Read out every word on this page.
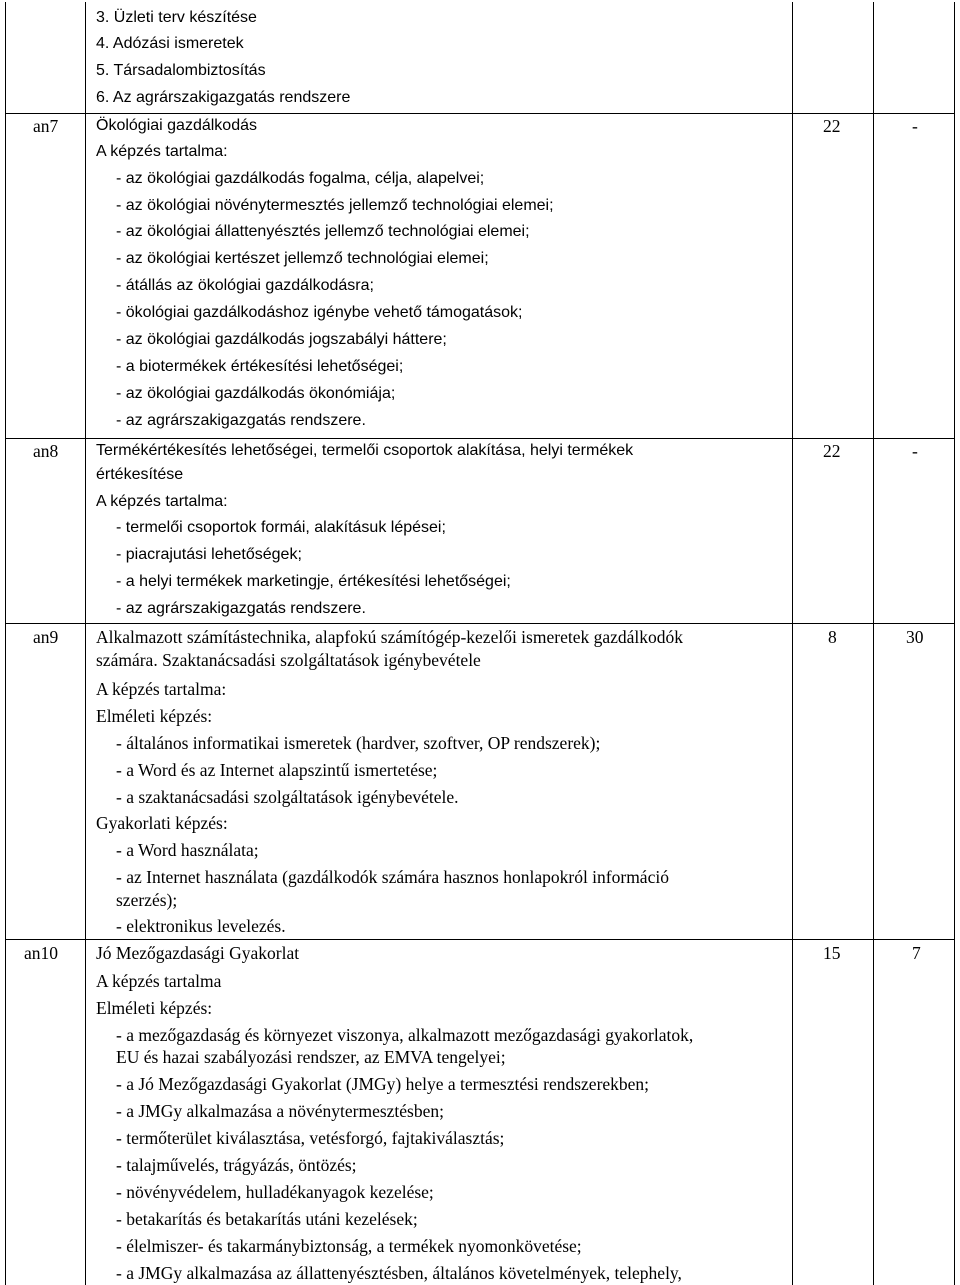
3. Üzleti terv készítése
4. Adózási ismeretek
5. Társadalombiztosítás
6. Az agrárszakigazgatás rendszere
an7 Ökológiai gazdálkodás	22	-
A képzés tartalma:
- az ökológiai gazdálkodás fogalma, célja, alapelvei;
- az ökológiai növénytermesztés jellemző technológiai elemei;
- az ökológiai állattenyésztés jellemző technológiai elemei;
- az ökológiai kertészet jellemző technológiai elemei;
- átállás az ökológiai gazdálkodásra;
- ökológiai gazdálkodáshoz igénybe vehető támogatások;
- az ökológiai gazdálkodás jogszabályi háttere;
- a biotermékek értékesítési lehetőségei;
- az ökológiai gazdálkodás ökonómiája;
- az agrárszakigazgatás rendszere.
an8 Termékértékesítés lehetőségei, termelői csoportok alakítása, helyi termékek	22	-
értékesítése
A képzés tartalma:
- termelői csoportok formái, alakításuk lépései;
- piacrajutási lehetőségek;
- a helyi termékek marketingje, értékesítési lehetőségei;
- az agrárszakigazgatás rendszere.
an9 Alkalmazott számítástechnika, alapfokú számítógép-kezelői ismeretek gazdálkodók	8	30
számára. Szaktanácsadási szolgáltatások igénybevétele
A képzés tartalma:
Elméleti képzés:
- általános informatikai ismeretek (hardver, szoftver, OP rendszerek);
- a Word és az Internet alapszintű ismertetése;
- a szaktanácsadási szolgáltatások igénybevétele.
Gyakorlati képzés:
- a Word használata;
- az Internet használata (gazdálkodók számára hasznos honlapokról információ
szerzés);
- elektronikus levelezés.
an10 Jó Mezőgazdasági Gyakorlat	15	7
A képzés tartalma
Elméleti képzés:
- a mezőgazdaság és környezet viszonya, alkalmazott mezőgazdasági gyakorlatok,
EU és hazai szabályozási rendszer, az EMVA tengelyei;
- a Jó Mezőgazdasági Gyakorlat (JMGy) helye a termesztési rendszerekben;
- a JMGy alkalmazása a növénytermesztésben;
- termőterület kiválasztása, vetésforgó, fajtakiválasztás;
- talajművelés, trágyázás, öntözés;
- növényvédelem, hulladékanyagok kezelése;
- betakarítás és betakarítás utáni kezelések;
- élelmiszer- és takarmánybiztonság, a termékek nyomonkövetése;
- a JMGy alkalmazása az állattenyésztésben, általános követelmények, telephely,
